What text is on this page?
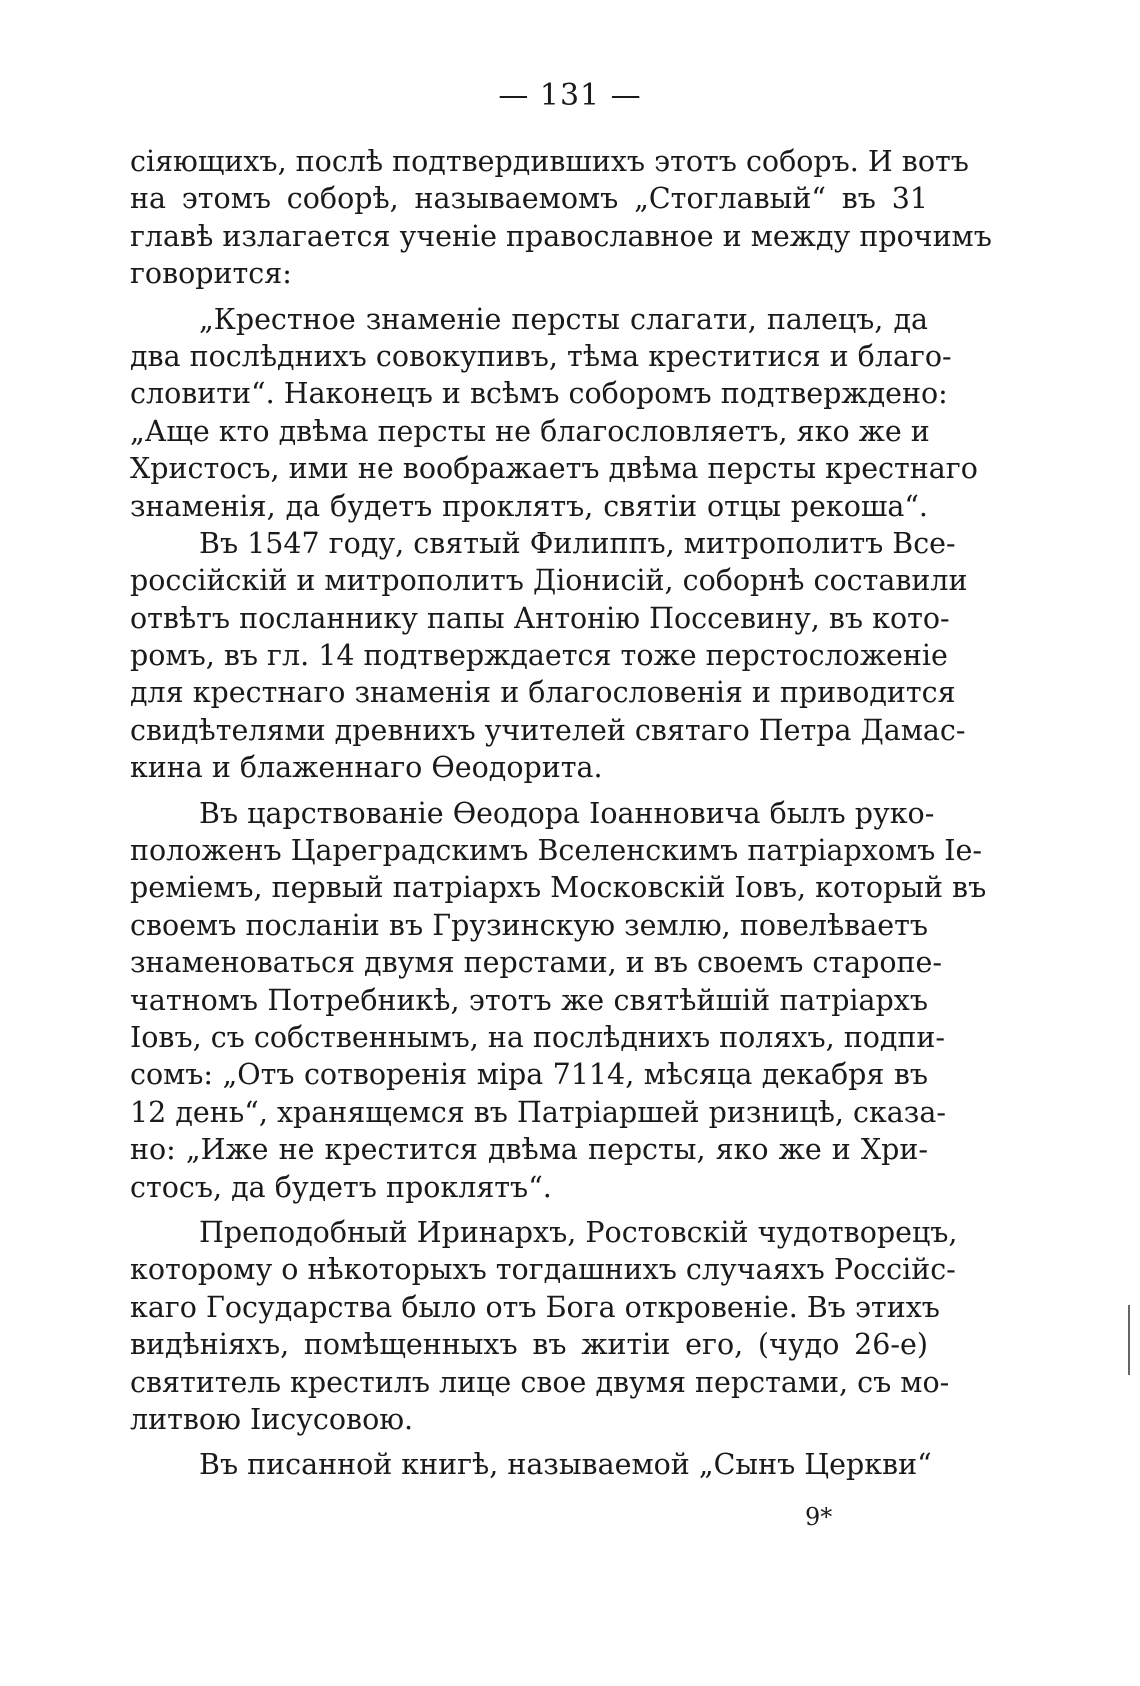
— 131 —
сіяющихъ, послѣ подтвердившихъ этотъ соборъ. И вотъ
на этомъ соборѣ, называемомъ „Стоглавый“ въ 31
главѣ излагается ученіе православное и между прочимъ
говорится:
„Крестное знаменіе персты слагати, палецъ, да
два послѣднихъ совокупивъ, тѣма креститися и благо-
словити“. Наконецъ и всѣмъ соборомъ подтверждено:
„Аще кто двѣма персты не благословляетъ, яко же и
Христосъ, ими не воображаетъ двѣма персты крестнаго
знаменія, да будетъ проклятъ, святіи отцы рекоша“.
Въ 1547 году, святый Филиппъ, митрополитъ Все-
россійскій и митрополитъ Діонисій, соборнѣ составили
отвѣтъ посланнику папы Антонію Поссевину, въ кото-
ромъ, въ гл. 14 подтверждается тоже перстосложеніе
для крестнаго знаменія и благословенія и приводится
свидѣтелями древнихъ учителей святаго Петра Дамас-
кина и блаженнаго Ѳеодорита.
Въ царствованіе Ѳеодора Іоанновича былъ руко-
положенъ Цареградскимъ Вселенскимъ патріархомъ Іе-
реміемъ, первый патріархъ Московскій Іовъ, который въ
своемъ посланіи въ Грузинскую землю, повелѣваетъ
знаменоваться двумя перстами, и въ своемъ старопе-
чатномъ Потребникѣ, этотъ же святѣйшій патріархъ
Іовъ, съ собственнымъ, на послѣднихъ поляхъ, подпи-
сомъ: „Отъ сотворенія міра 7114, мѣсяца декабря въ
12 день“, хранящемся въ Патріаршей ризницѣ, сказа-
но: „Иже не крестится двѣма персты, яко же и Хри-
стосъ, да будетъ проклятъ“.
Преподобный Иринархъ, Ростовскій чудотворецъ,
которому о нѣкоторыхъ тогдашнихъ случаяхъ Россійс-
каго Государства было отъ Бога откровеніе. Въ этихъ
видѣніяхъ, помѣщенныхъ въ житіи его, (чудо 26-е)
святитель крестилъ лице свое двумя перстами, съ мо-
литвою Іисусовою.
Въ писанной книгѣ, называемой „Сынъ Церкви“
9*
